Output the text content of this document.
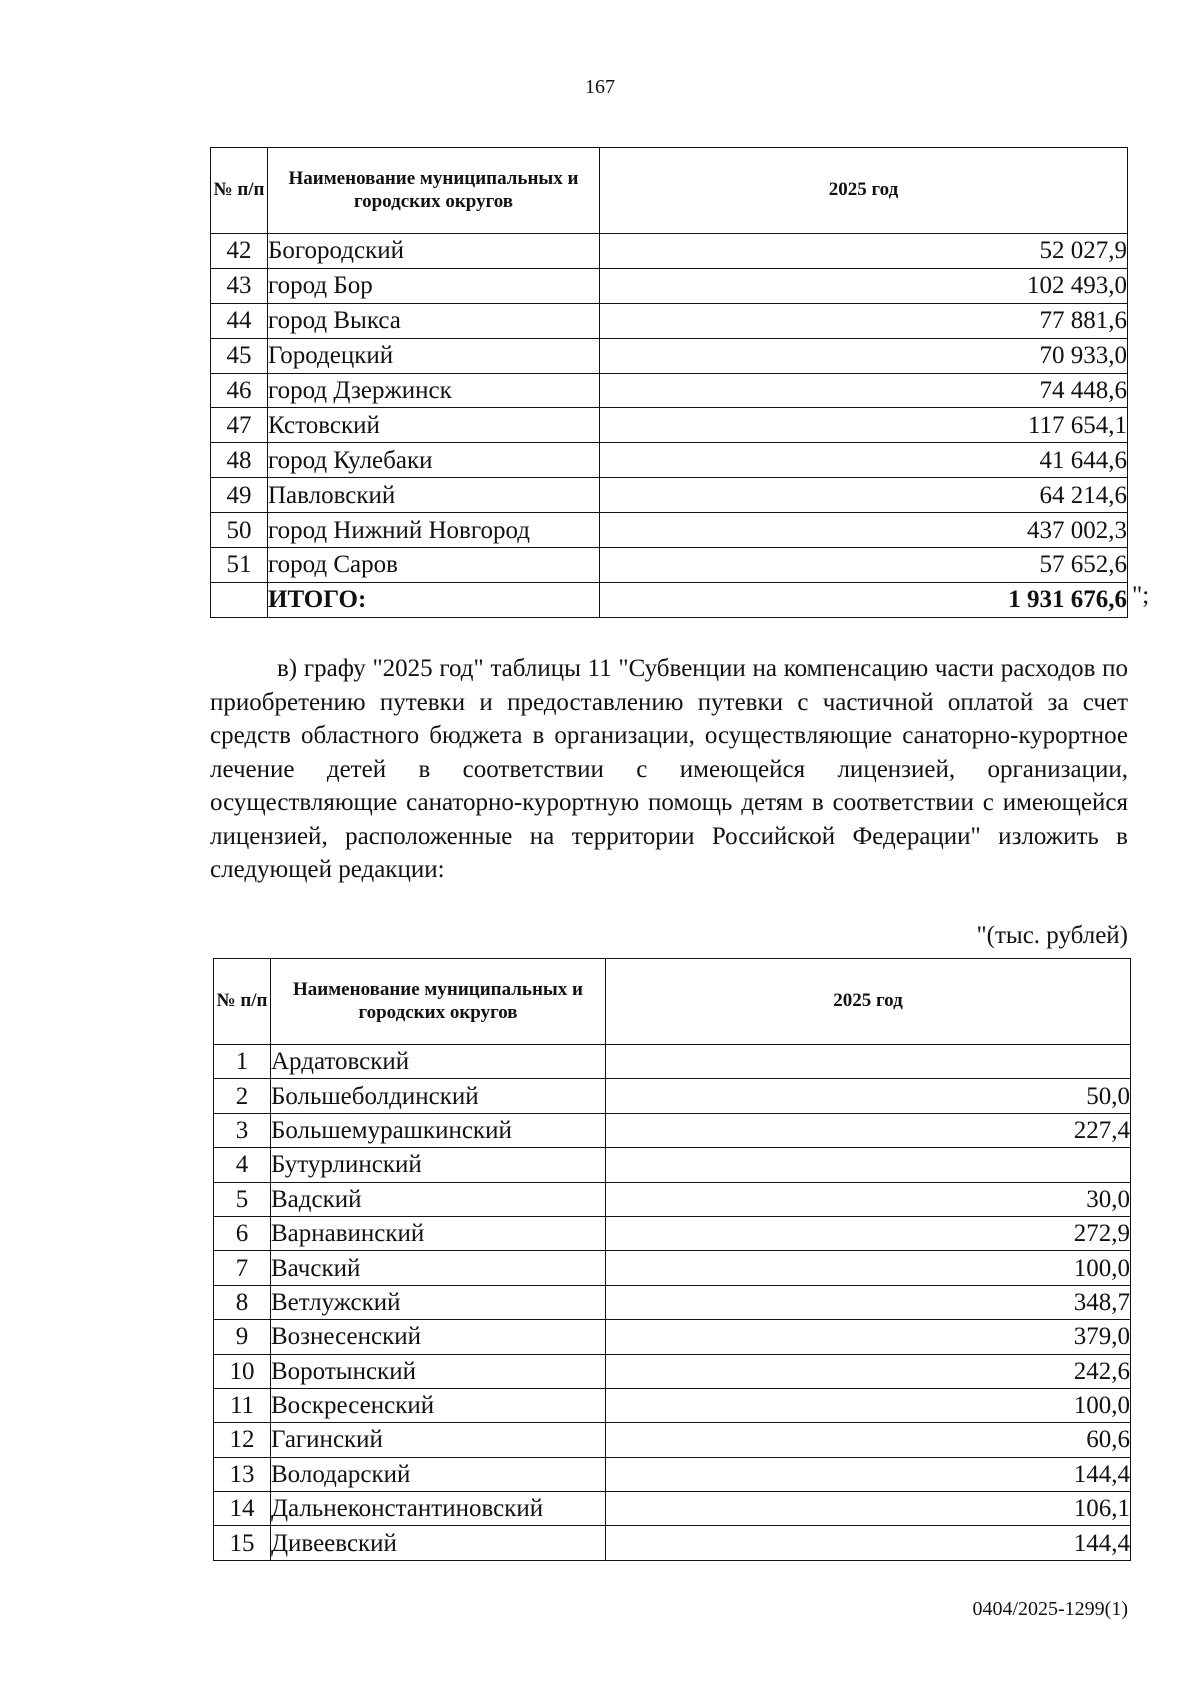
167
№ п/п	Наименование муниципальных и городских округов	2025 год
42	Богородский	52 027,9
43	город Бор	102 493,0
44	город Выкса	77 881,6
45	Городецкий	70 933,0
46	город Дзержинск	74 448,6
47	Кстовский	117 654,1
48	город Кулебаки	41 644,6
49	Павловский	64 214,6
50	город Нижний Новгород	437 002,3
51	город Саров	57 652,6
	ИТОГО:	1 931 676,6 ";
в) графу "2025 год" таблицы 11 "Субвенции на компенсацию части расходов по приобретению путевки и предоставлению путевки с частичной оплатой за счет средств областного бюджета в организации, осуществляющие санаторно-курортное лечение детей в соответствии с имеющейся лицензией, организации, осуществляющие санаторно-курортную помощь детям в соответствии с имеющейся лицензией, расположенные на территории Российской Федерации" изложить в следующей редакции:
"(тыс. рублей)
№ п/п	Наименование муниципальных и городских округов	2025 год
1	Ардатовский	
2	Большеболдинский	50,0
3	Большемурашкинский	227,4
4	Бутурлинский	
5	Вадский	30,0
6	Варнавинский	272,9
7	Вачский	100,0
8	Ветлужский	348,7
9	Вознесенский	379,0
10	Воротынский	242,6
11	Воскресенский	100,0
12	Гагинский	60,6
13	Володарский	144,4
14	Дальнеконстантиновский	106,1
15	Дивеевский	144,4
0404/2025-1299(1)
